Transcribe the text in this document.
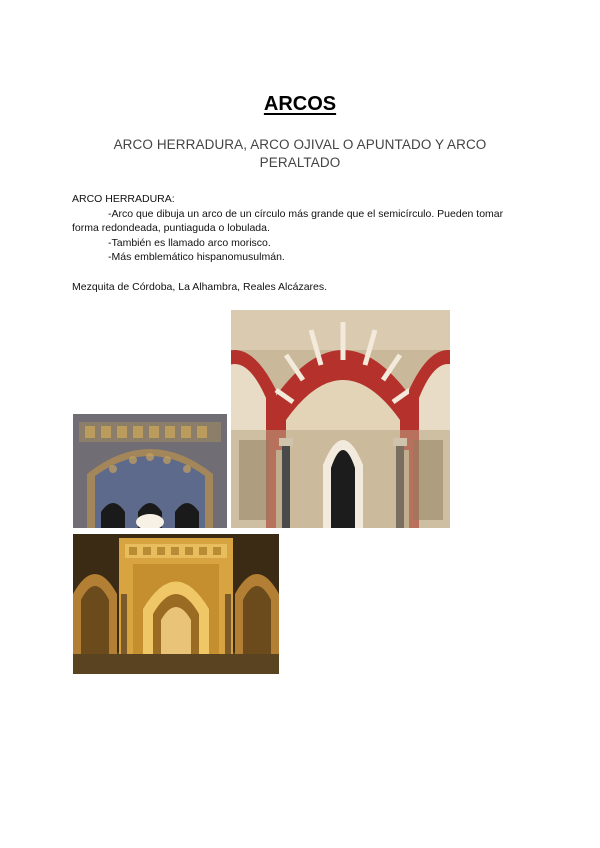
ARCOS
ARCO HERRADURA, ARCO OJIVAL O APUNTADO Y ARCO PERALTADO

ARCO HERRADURA:

-Arco que dibuja un arco de un círculo más grande que el semicírculo. Pueden tomar forma redondeada, puntiaguda o lobulada.

-También es llamado arco morisco.

-Más emblemático hispanomusulmán.

Mezquita de Córdoba, La Alhambra, Reales Alcázares.
